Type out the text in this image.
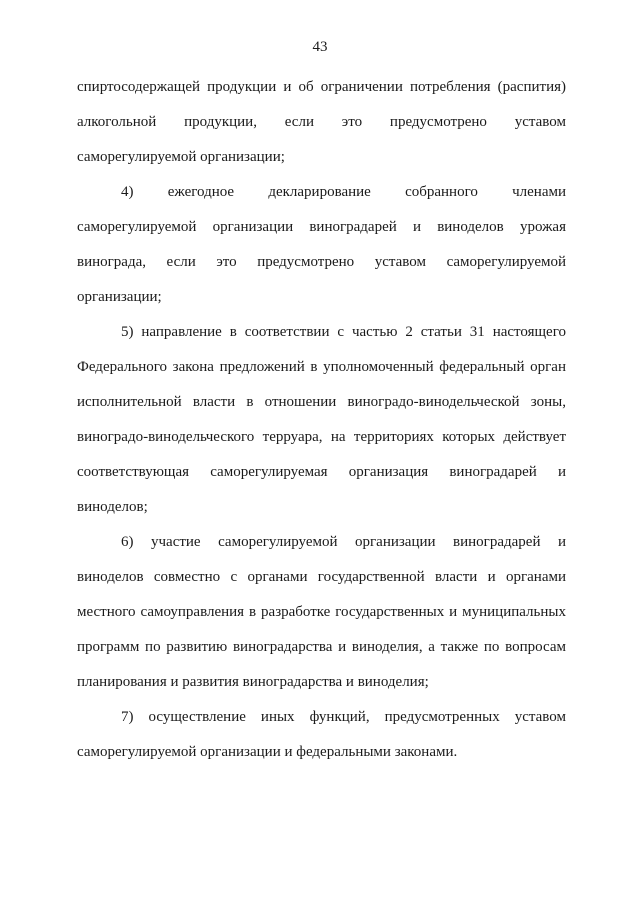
43
спиртосодержащей продукции и об ограничении потребления (распития)
алкогольной продукции, если это предусмотрено уставом
саморегулируемой организации;
4) ежегодное декларирование собранного членами
саморегулируемой организации виноградарей и виноделов урожая
винограда, если это предусмотрено уставом саморегулируемой
организации;
5) направление в соответствии с частью 2 статьи 31 настоящего
Федерального закона предложений в уполномоченный федеральный орган
исполнительной власти в отношении виноградо-винодельческой зоны,
виноградо-винодельческого терруара, на территориях которых действует
соответствующая саморегулируемая организация виноградарей и
виноделов;
6) участие саморегулируемой организации виноградарей и
виноделов совместно с органами государственной власти и органами
местного самоуправления в разработке государственных и муниципальных
программ по развитию виноградарства и виноделия, а также по вопросам
планирования и развития виноградарства и виноделия;
7) осуществление иных функций, предусмотренных уставом
саморегулируемой организации и федеральными законами.
